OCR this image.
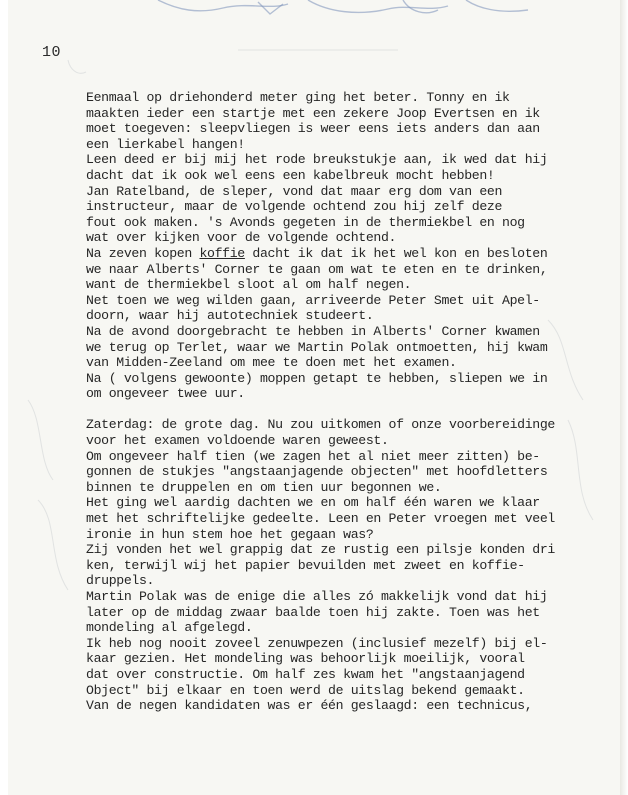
10
Eenmaal op driehonderd meter ging het beter. Tonny en ik
maakten ieder een startje met een zekere Joop Evertsen en ik
moet toegeven: sleepvliegen is weer eens iets anders dan aan
een lierkabel hangen!
Leen deed er bij mij het rode breukstukje aan, ik wed dat hij
dacht dat ik ook wel eens een kabelbreuk mocht hebben!
Jan Ratelband, de sleper, vond dat maar erg dom van een
instructeur, maar de volgende ochtend zou hij zelf deze
fout ook maken. 's Avonds gegeten in de thermiekbel en nog
wat over kijken voor de volgende ochtend.
Na zeven kopen koffie dacht ik dat ik het wel kon en besloten
we naar Alberts' Corner te gaan om wat te eten en te drinken,
want de thermiekbel sloot al om half negen.
Net toen we weg wilden gaan, arriveerde Peter Smet uit Apel-
doorn, waar hij autotechniek studeert.
Na de avond doorgebracht te hebben in Alberts' Corner kwamen
we terug op Terlet, waar we Martin Polak ontmoetten, hij kwam
van Midden-Zeeland om mee te doen met het examen.
Na ( volgens gewoonte) moppen getapt te hebben, sliepen we in
om ongeveer twee uur.
Zaterdag: de grote dag. Nu zou uitkomen of onze voorbereidinge
voor het examen voldoende waren geweest.
Om ongeveer half tien (we zagen het al niet meer zitten) be-
gonnen de stukjes "angstaanjagende objecten" met hoofdletters
binnen te druppelen en om tien uur begonnen we.
Het ging wel aardig dachten we en om half één waren we klaar
met het schriftelijke gedeelte. Leen en Peter vroegen met veel
ironie in hun stem hoe het gegaan was?
Zij vonden het wel grappig dat ze rustig een pilsje konden dri
ken, terwijl wij het papier bevuilden met zweet en koffie-
druppels.
Martin Polak was de enige die alles zó makkelijk vond dat hij
later op de middag zwaar baalde toen hij zakte. Toen was het
mondeling al afgelegd.
Ik heb nog nooit zoveel zenuwpezen (inclusief mezelf) bij el-
kaar gezien. Het mondeling was behoorlijk moeilijk, vooral
dat over constructie. Om half zes kwam het "angstaanjagend
Object" bij elkaar en toen werd de uitslag bekend gemaakt.
Van de negen kandidaten was er één geslaagd: een technicus,
